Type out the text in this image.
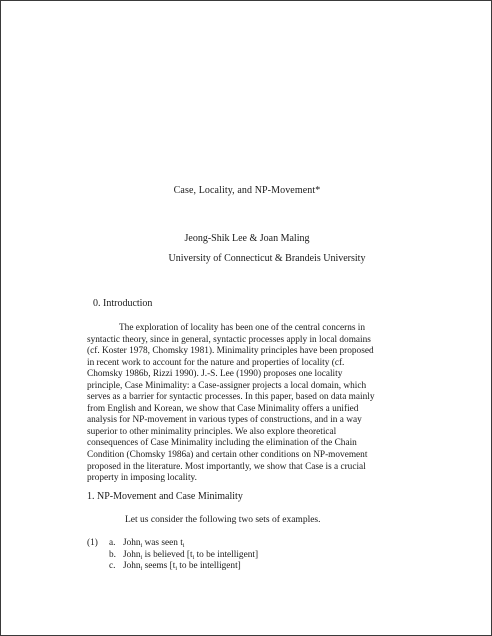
Case, Locality, and NP-Movement*
Jeong-Shik Lee & Joan Maling
University of Connecticut & Brandeis University
0. Introduction
The exploration of locality has been one of the central concerns in
syntactic theory, since in general, syntactic processes apply in local domains
(cf. Koster 1978, Chomsky 1981). Minimality principles have been proposed
in recent work to account for the nature and properties of locality (cf.
Chomsky 1986b, Rizzi 1990). J.-S. Lee (1990) proposes one locality
principle, Case Minimality: a Case-assigner projects a local domain, which
serves as a barrier for syntactic processes. In this paper, based on data mainly
from English and Korean, we show that Case Minimality offers a unified
analysis for NP-movement in various types of constructions, and in a way
superior to other minimality principles. We also explore theoretical
consequences of Case Minimality including the elimination of the Chain
Condition (Chomsky 1986a) and certain other conditions on NP-movement
proposed in the literature. Most importantly, we show that Case is a crucial
property in imposing locality.
1. NP-Movement and Case Minimality
Let us consider the following two sets of examples.
(1) a. John$_i$ was seen $t_i$
b. John$_i$ is believed [$t_i$ to be intelligent]
c. John$_i$ seems [$t_i$ to be intelligent]
